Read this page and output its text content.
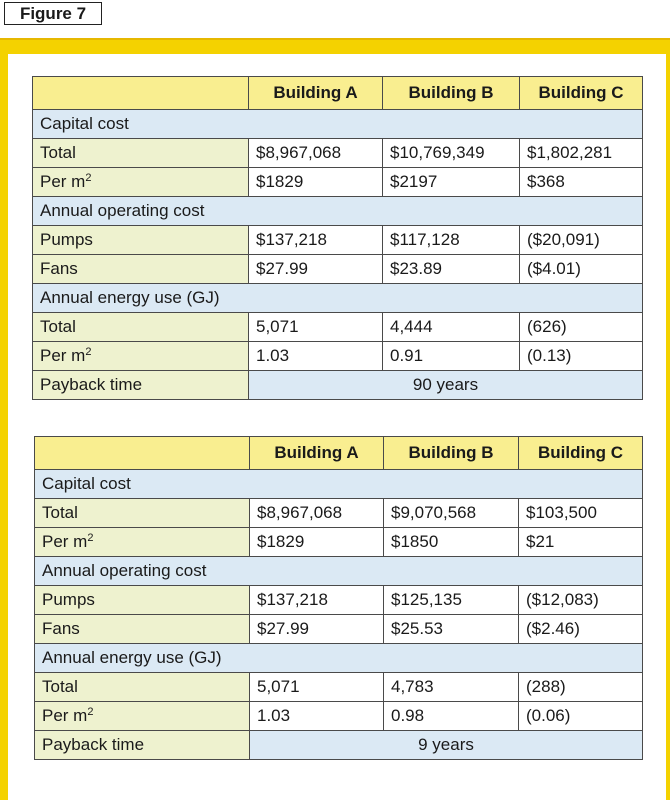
Figure 7
	Building A	Building B	Building C
Capital cost			
Total	$8,967,068	$10,769,349	$1,802,281
Per $m^2$	$1829	$2197	$368
Annual operating cost			
Pumps	$137,218	$117,128	($20,091)
Fans	$27.99	$23.89	($4.01)
Annual energy use (GJ)			
Total	5,071	4,444	(626)
Per $m^2$	1.03	0.91	(0.13)
Payback time	90 years		
	Building A	Building B	Building C
Capital cost			
Total	$8,967,068	$9,070,568	$103,500
Per $m^2$	$1829	$1850	$21
Annual operating cost			
Pumps	$137,218	$125,135	($12,083)
Fans	$27.99	$25.53	($2.46)
Annual energy use (GJ)			
Total	5,071	4,783	(288)
Per $m^2$	1.03	0.98	(0.06)
Payback time	9 years		
